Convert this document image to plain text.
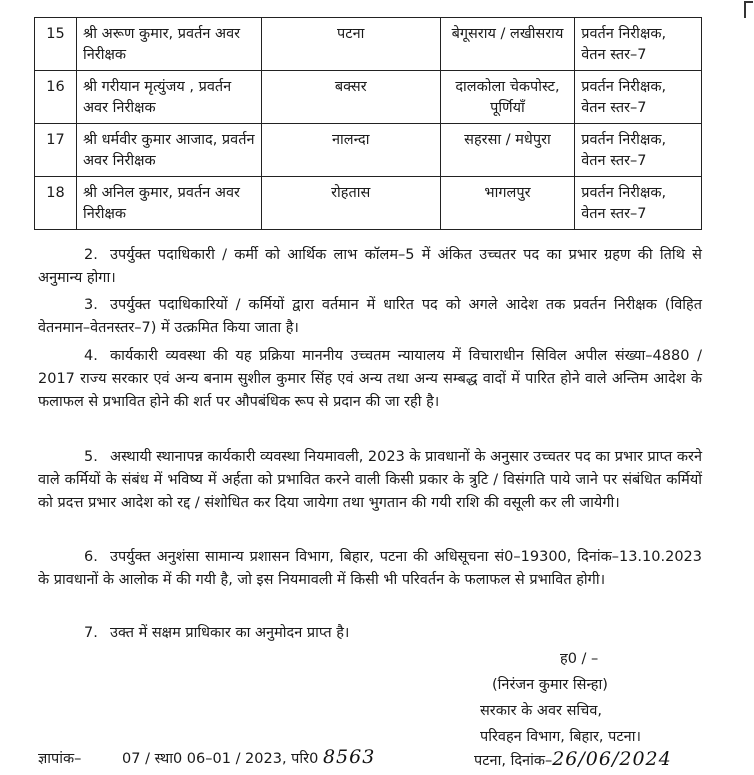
15	श्री अरूण कुमार, प्रवर्तन अवर निरीक्षक	पटना	बेगूसराय / लखीसराय	प्रवर्तन निरीक्षक, वेतन स्तर–7
16	श्री गरीयान मृत्युंजय , प्रवर्तन अवर निरीक्षक	बक्सर	दालकोला चेकपोस्ट, पूर्णियाँ	प्रवर्तन निरीक्षक, वेतन स्तर–7
17	श्री धर्मवीर कुमार आजाद, प्रवर्तन अवर निरीक्षक	नालन्दा	सहरसा / मधेपुरा	प्रवर्तन निरीक्षक, वेतन स्तर–7
18	श्री अनिल कुमार, प्रवर्तन अवर निरीक्षक	रोहतास	भागलपुर	प्रवर्तन निरीक्षक, वेतन स्तर–7

2. उपर्युक्त पदाधिकारी / कर्मी को आर्थिक लाभ कॉलम–5 में अंकित उच्चतर पद का प्रभार ग्रहण की तिथि से अनुमान्य होगा।

3. उपर्युक्त पदाधिकारियों / कर्मियों द्वारा वर्तमान में धारित पद को अगले आदेश तक प्रवर्तन निरीक्षक (विहित वेतनमान–वेतनस्तर–7) में उत्क्रमित किया जाता है।

4. कार्यकारी व्यवस्था की यह प्रक्रिया माननीय उच्चतम न्यायालय में विचाराधीन सिविल अपील संख्या–4880 / 2017 राज्य सरकार एवं अन्य बनाम सुशील कुमार सिंह एवं अन्य तथा अन्य सम्बद्ध वादों में पारित होने वाले अन्तिम आदेश के फलाफल से प्रभावित होने की शर्त पर औपबंधिक रूप से प्रदान की जा रही है।

5. अस्थायी स्थानापन्न कार्यकारी व्यवस्था नियमावली, 2023 के प्रावधानों के अनुसार उच्चतर पद का प्रभार प्राप्त करने वाले कर्मियों के संबंध में भविष्य में अर्हता को प्रभावित करने वाली किसी प्रकार के त्रुटि / विसंगति पाये जाने पर संबंधित कर्मियों को प्रदत्त प्रभार आदेश को रद्द / संशोधित कर दिया जायेगा तथा भुगतान की गयी राशि की वसूली कर ली जायेगी।

6. उपर्युक्त अनुशंसा सामान्य प्रशासन विभाग, बिहार, पटना की अधिसूचना सं0–19300, दिनांक–13.10.2023 के प्रावधानों के आलोक में की गयी है, जो इस नियमावली में किसी भी परिवर्तन के फलाफल से प्रभावित होगी।

7. उक्त में सक्षम प्राधिकार का अनुमोदन प्राप्त है।

ह0 / –
(निरंजन कुमार सिन्हा)
सरकार के अवर सचिव,
परिवहन विभाग, बिहार, पटना।
ज्ञापांक–	07 / स्था0 06–01 / 2023, परि0 8563	पटना, दिनांक–26/06/2024
